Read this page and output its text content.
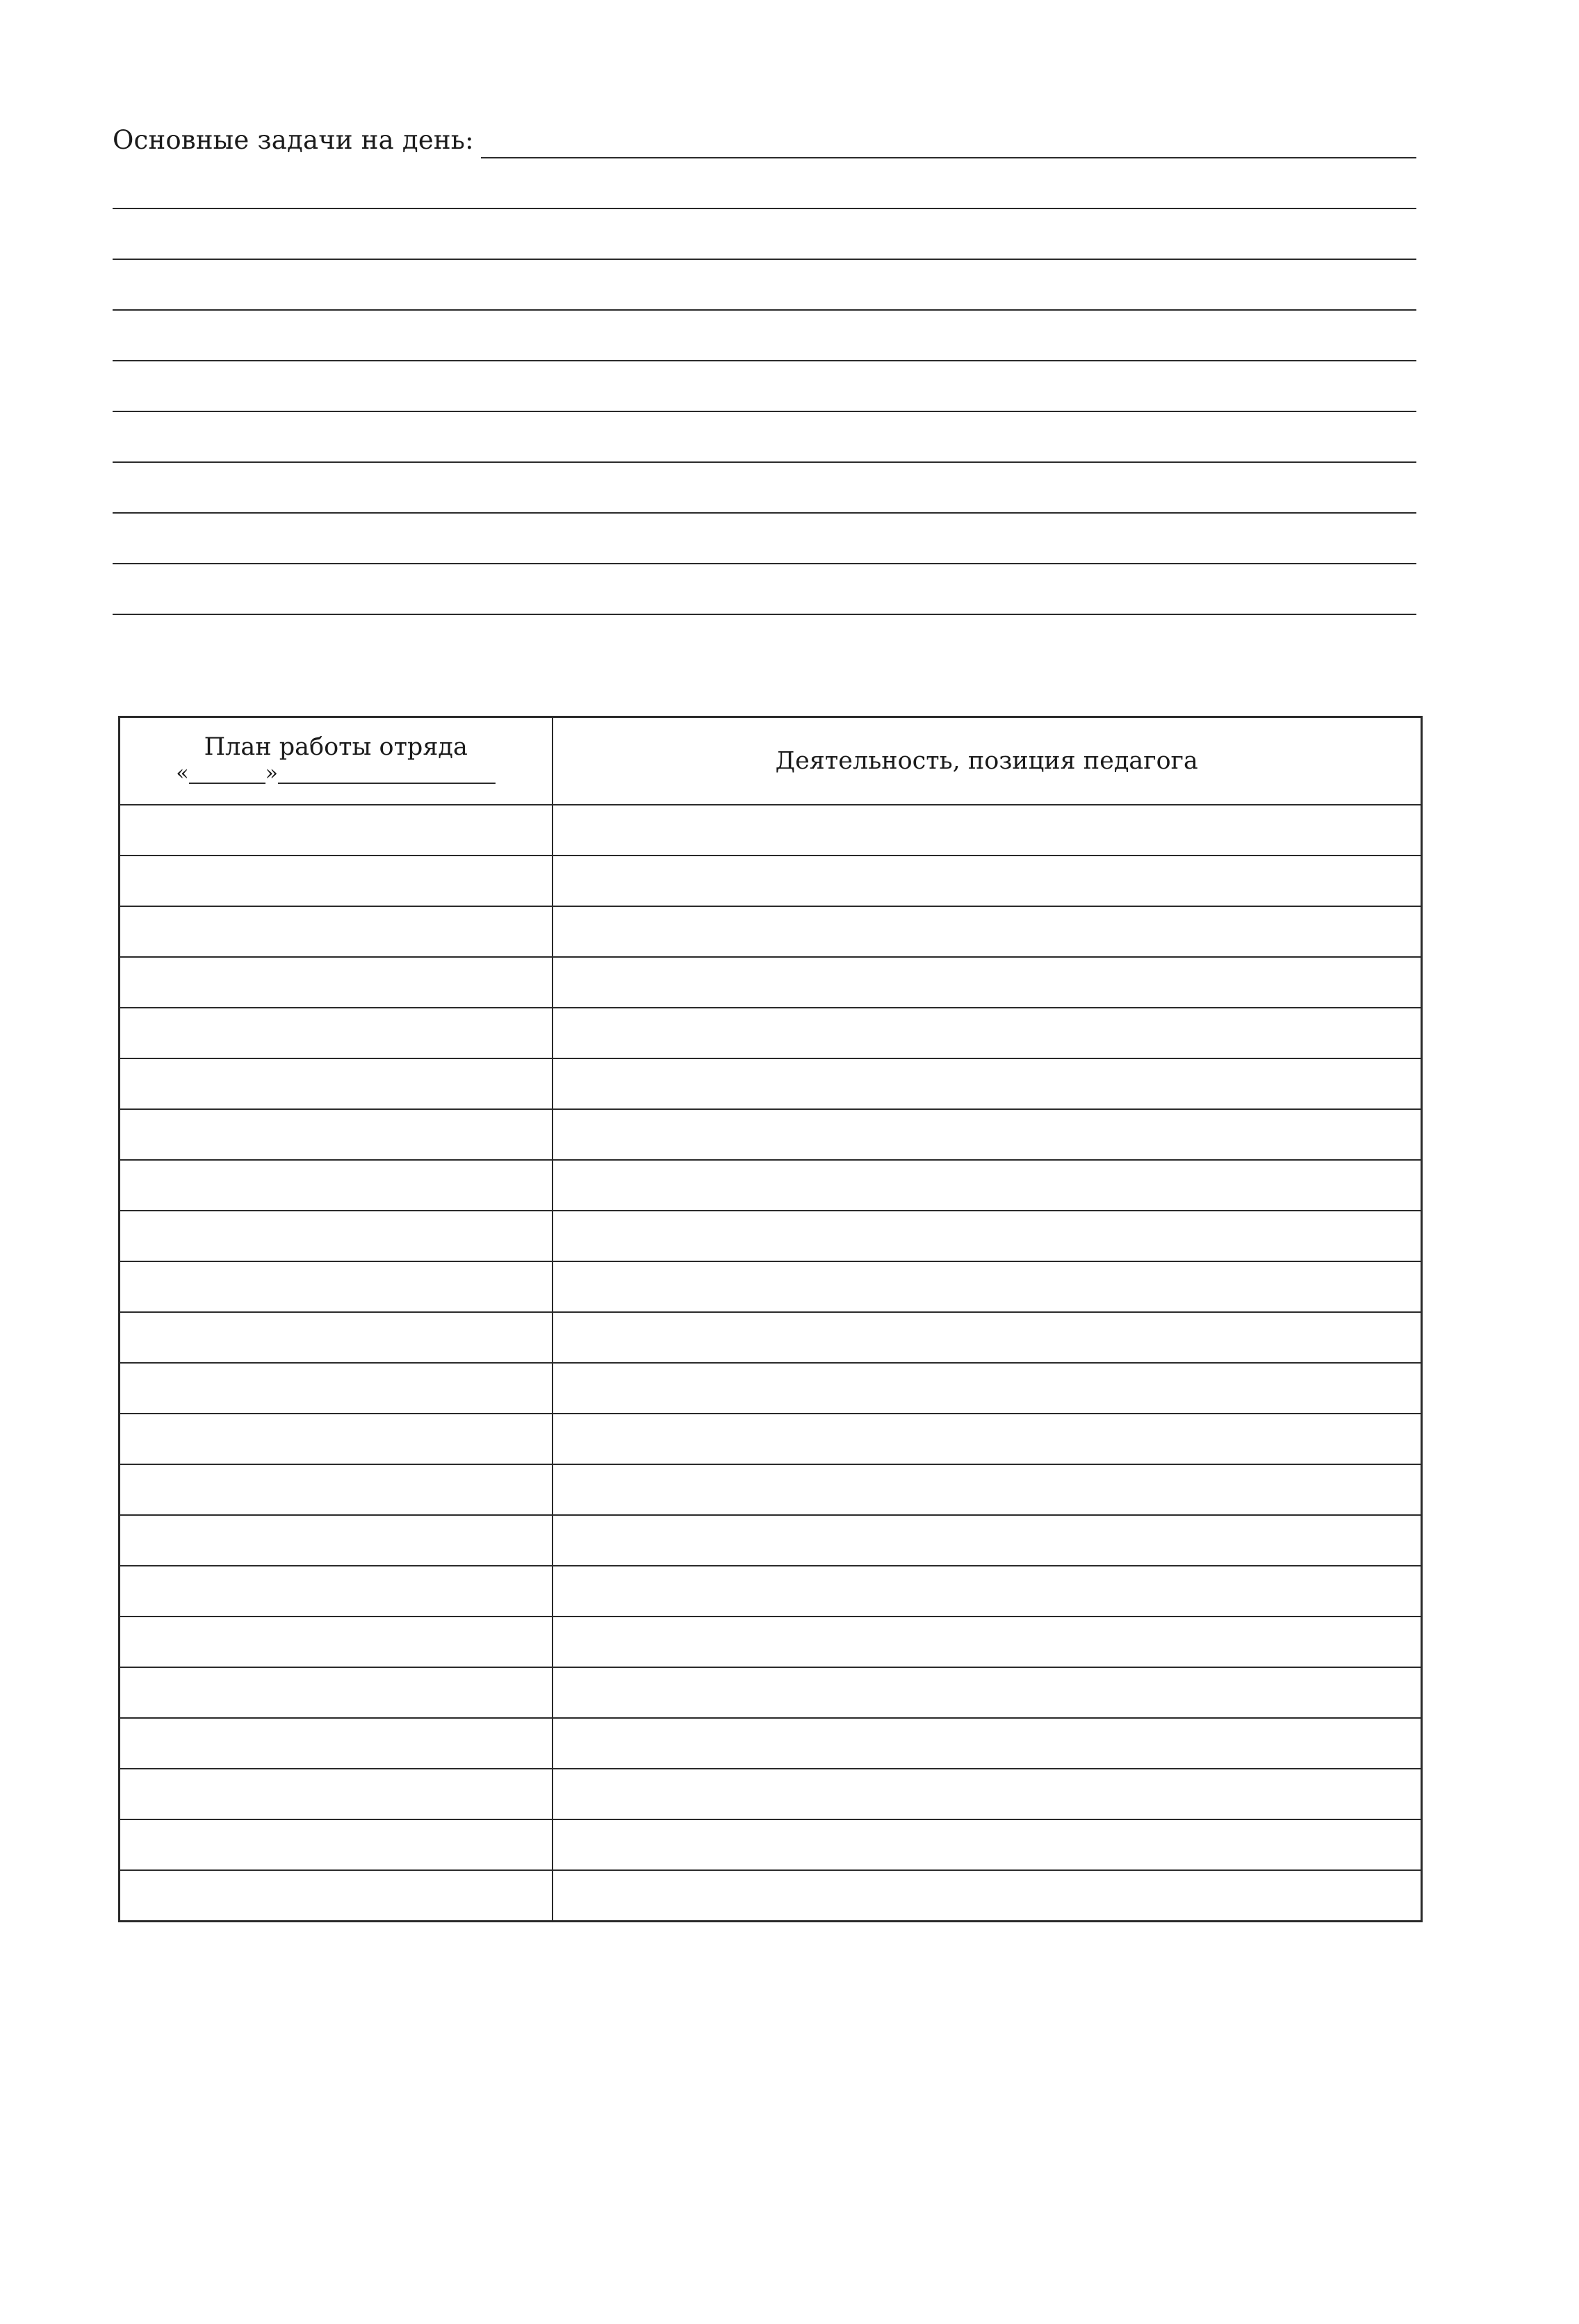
Основные задачи на день:
План работы отряда
« »	Деятельность, позиция педагога
